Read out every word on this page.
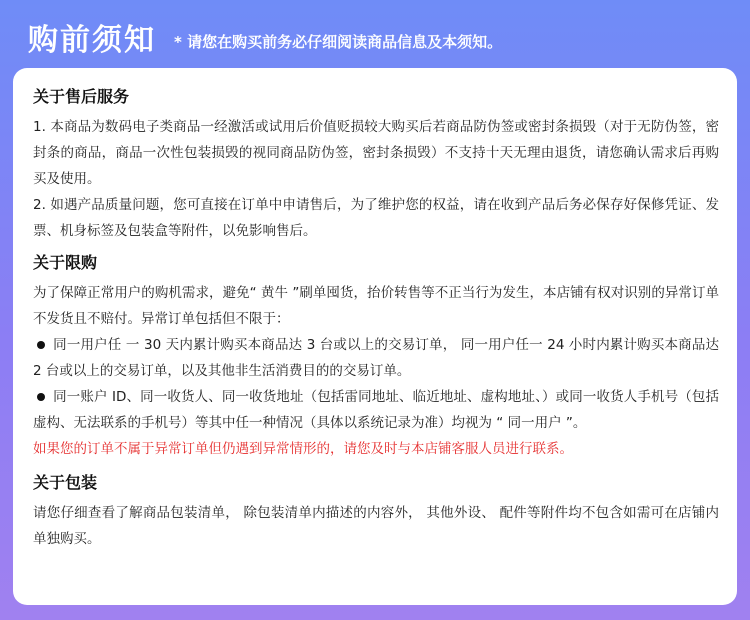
购前须知 * 请您在购买前务必仔细阅读商品信息及本须知。
关于售后服务

1. 本商品为数码电子类商品一经激活或试用后价值贬损较大购买后若商品防伪签或密封条损毁（对于无防伪签，密封条的商品，商品一次性包装损毁的视同商品防伪签，密封条损毁）不支持十天无理由退货，请您确认需求后再购买及使用。

2. 如遇产品质量问题，您可直接在订单中申请售后，为了维护您的权益，请在收到产品后务必保存好保修凭证、发票、机身标签及包装盒等附件，以免影响售后。

关于限购

为了保障正常用户的购机需求，避免“ 黄牛 ”刷单囤货，抬价转售等不正当行为发生，本店铺有权对识别的异常订单不发货且不赔付。异常订单包括但不限于：

同一用户任 一 30 天内累计购买本商品达 3 台或以上的交易订单， 同一用户任一 24 小时内累计购买本商品达 2 台或以上的交易订单，以及其他非生活消费目的的交易订单。

同一账户 ID、同一收货人、同一收货地址（包括雷同地址、临近地址、虚构地址、）或同一收货人手机号（包括虚构、无法联系的手机号）等其中任一种情况（具体以系统记录为准）均视为 “ 同一用户 ”。

如果您的订单不属于异常订单但仍遇到异常情形的，请您及时与本店铺客服人员进行联系。

关于包装

请您仔细查看了解商品包装清单， 除包装清单内描述的内容外， 其他外设、 配件等附件均不包含如需可在店铺内单独购买。
